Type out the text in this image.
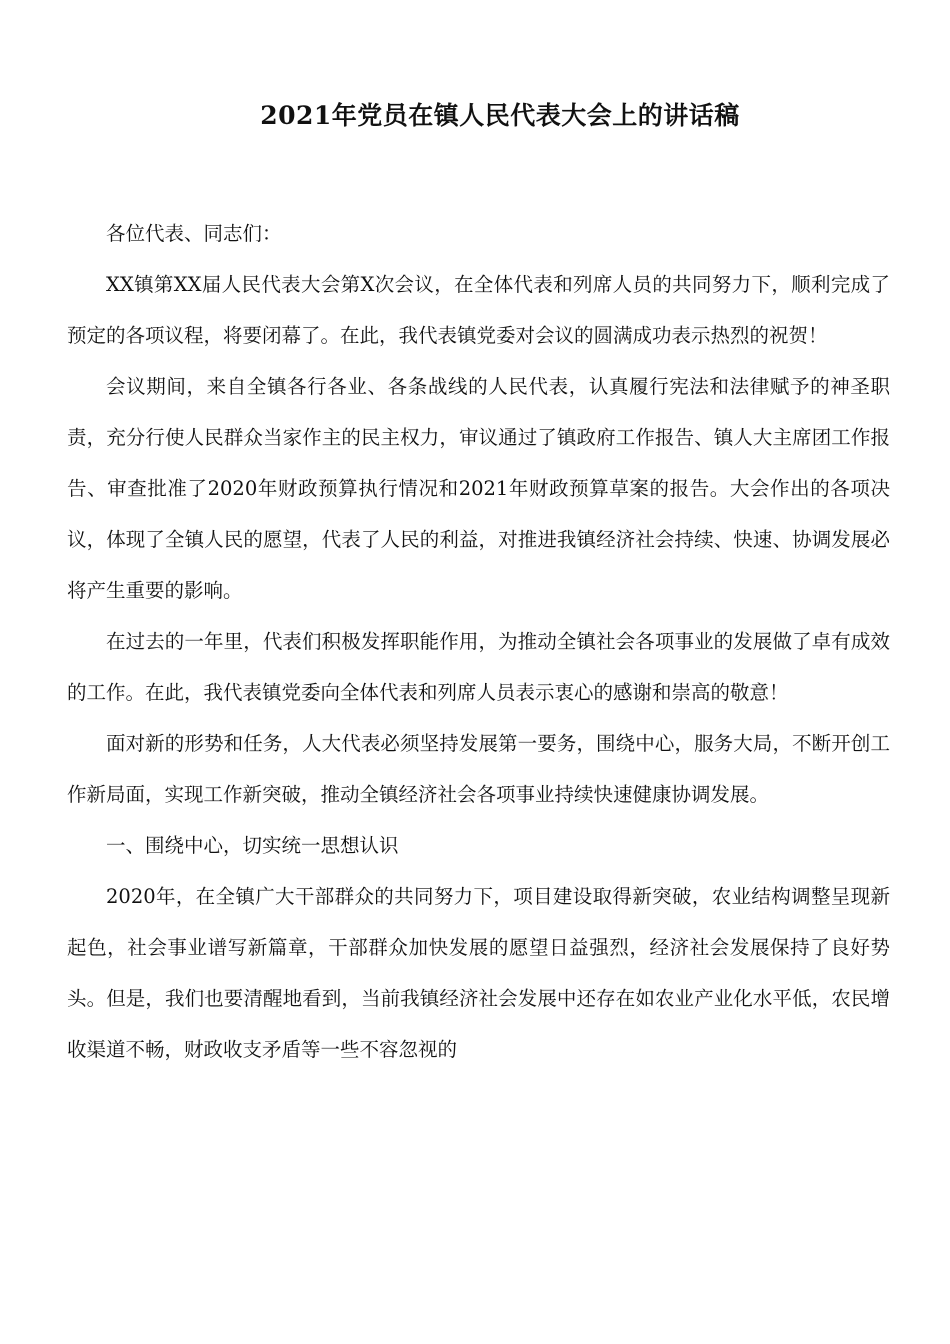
2021年党员在镇人民代表大会上的讲话稿

各位代表、同志们：

XX镇第XX届人民代表大会第X次会议，在全体代表和列席人员的共同努力下，顺利完成了预定的各项议程，将要闭幕了。在此，我代表镇党委对会议的圆满成功表示热烈的祝贺！

会议期间，来自全镇各行各业、各条战线的人民代表，认真履行宪法和法律赋予的神圣职责，充分行使人民群众当家作主的民主权力，审议通过了镇政府工作报告、镇人大主席团工作报告、审查批准了2020年财政预算执行情况和2021年财政预算草案的报告。大会作出的各项决议，体现了全镇人民的愿望，代表了人民的利益，对推进我镇经济社会持续、快速、协调发展必将产生重要的影响。

在过去的一年里，代表们积极发挥职能作用，为推动全镇社会各项事业的发展做了卓有成效的工作。在此，我代表镇党委向全体代表和列席人员表示衷心的感谢和崇高的敬意！

面对新的形势和任务，人大代表必须坚持发展第一要务，围绕中心，服务大局，不断开创工作新局面，实现工作新突破，推动全镇经济社会各项事业持续快速健康协调发展。

一、围绕中心，切实统一思想认识

2020年，在全镇广大干部群众的共同努力下，项目建设取得新突破，农业结构调整呈现新起色，社会事业谱写新篇章，干部群众加快发展的愿望日益强烈，经济社会发展保持了良好势头。但是，我们也要清醒地看到，当前我镇经济社会发展中还存在如农业产业化水平低，农民增收渠道不畅，财政收支矛盾等一些不容忽视的
